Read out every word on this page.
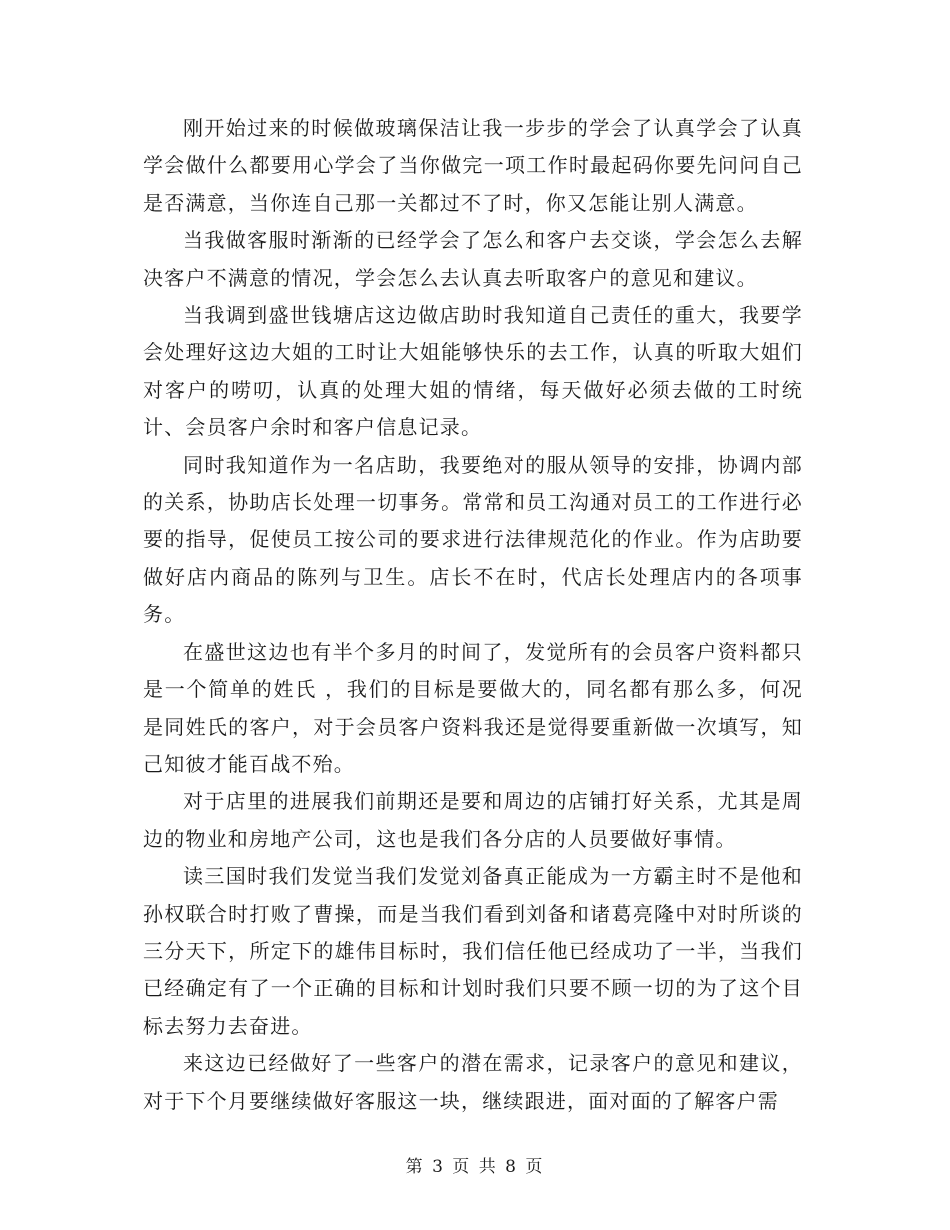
刚开始过来的时候做玻璃保洁让我一步步的学会了认真学会了认真学会做什么都要用心学会了当你做完一项工作时最起码你要先问问自己是否满意，当你连自己那一关都过不了时，你又怎能让别人满意。

当我做客服时渐渐的已经学会了怎么和客户去交谈，学会怎么去解决客户不满意的情况，学会怎么去认真去听取客户的意见和建议。

当我调到盛世钱塘店这边做店助时我知道自己责任的重大，我要学会处理好这边大姐的工时让大姐能够快乐的去工作，认真的听取大姐们对客户的唠叨，认真的处理大姐的情绪，每天做好必须去做的工时统计、会员客户余时和客户信息记录。

同时我知道作为一名店助，我要绝对的服从领导的安排，协调内部的关系，协助店长处理一切事务。常常和员工沟通对员工的工作进行必要的指导，促使员工按公司的要求进行法律规范化的作业。作为店助要做好店内商品的陈列与卫生。店长不在时，代店长处理店内的各项事务。

在盛世这边也有半个多月的时间了，发觉所有的会员客户资料都只是一个简单的姓氏 ，我们的目标是要做大的，同名都有那么多，何况是同姓氏的客户，对于会员客户资料我还是觉得要重新做一次填写，知己知彼才能百战不殆。

对于店里的进展我们前期还是要和周边的店铺打好关系，尤其是周边的物业和房地产公司，这也是我们各分店的人员要做好事情。

读三国时我们发觉当我们发觉刘备真正能成为一方霸主时不是他和孙权联合时打败了曹操，而是当我们看到刘备和诸葛亮隆中对时所谈的三分天下，所定下的雄伟目标时，我们信任他已经成功了一半，当我们已经确定有了一个正确的目标和计划时我们只要不顾一切的为了这个目标去努力去奋进。

来这边已经做好了一些客户的潜在需求，记录客户的意见和建议，对于下个月要继续做好客服这一块，继续跟进，面对面的了解客户需

第 3 页 共 8 页
